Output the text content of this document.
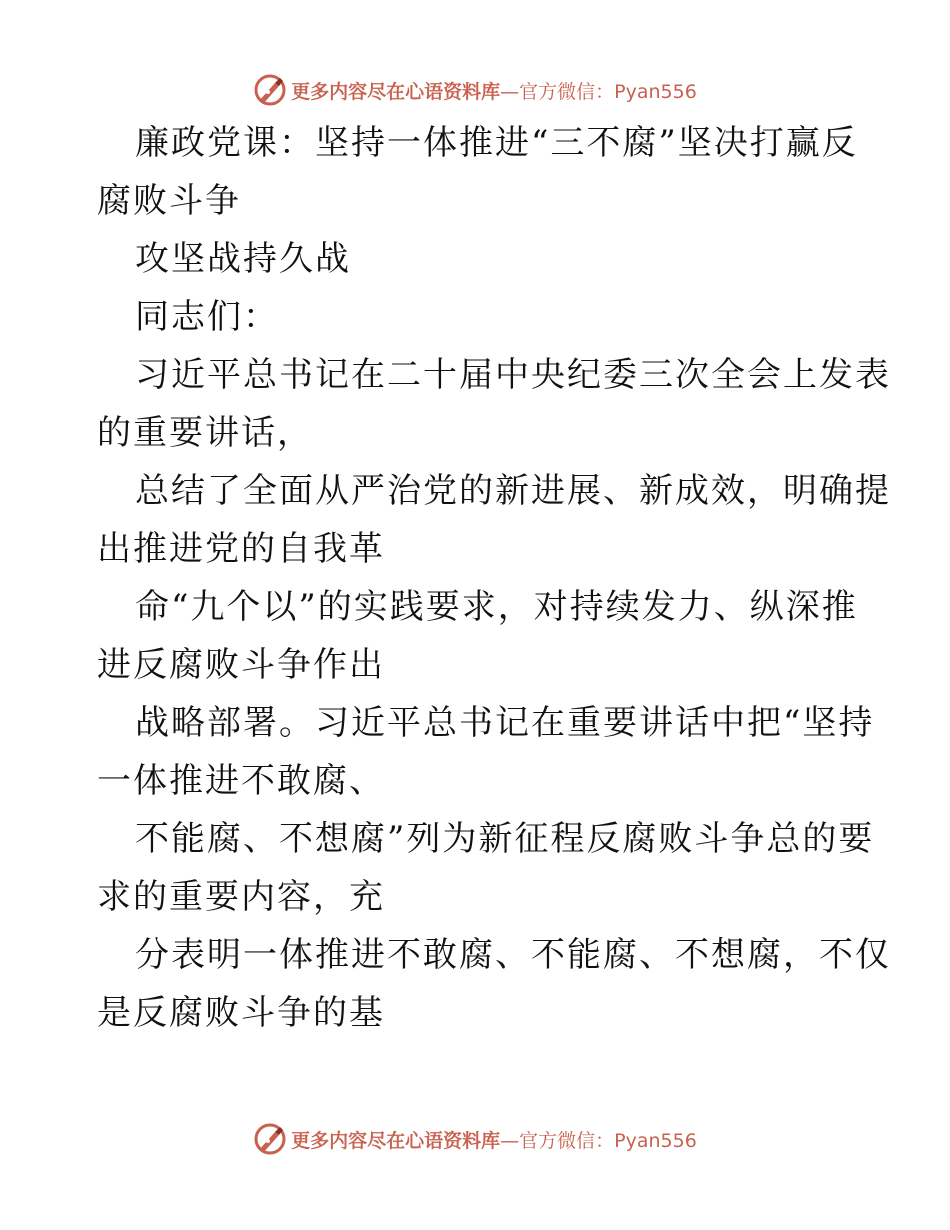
更多内容尽在心语资料库 —官方微信：Pyan556
廉政党课：坚持一体推进“三不腐”坚决打赢反
腐败斗争
攻坚战持久战
同志们：
习近平总书记在二十届中央纪委三次全会上发表
的重要讲话，
总结了全面从严治党的新进展、新成效，明确提
出推进党的自我革
命“九个以”的实践要求，对持续发力、纵深推
进反腐败斗争作出
战略部署。习近平总书记在重要讲话中把“坚持
一体推进不敢腐、
不能腐、不想腐”列为新征程反腐败斗争总的要
求的重要内容，充
分表明一体推进不敢腐、不能腐、不想腐，不仅
是反腐败斗争的基
更多内容尽在心语资料库 —官方微信：Pyan556
